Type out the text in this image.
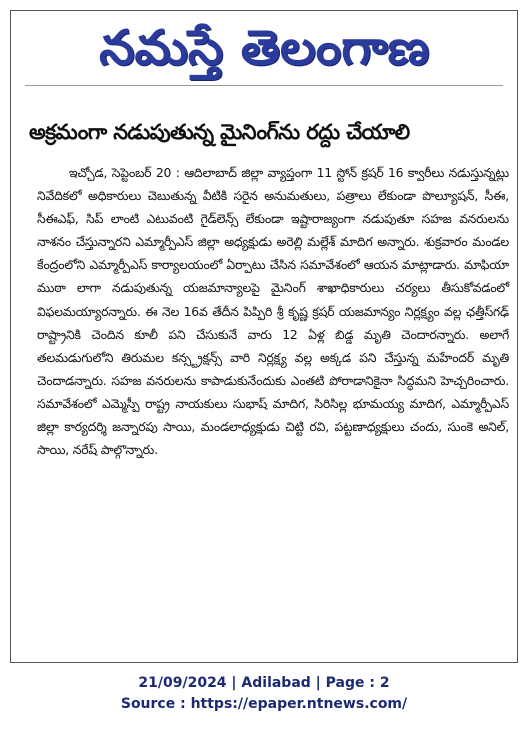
నమస్తే తెలంగాణ
అక్రమంగా నడుపుతున్న మైనింగ్‌ను రద్దు చేయాలి
ఇచ్చోడ, సెప్టెంబర్ 20 : ఆదిలాబాద్ జిల్లా వ్యాప్తంగా 11 స్టోన్ క్రషర్ 16 క్వారీలు నడుస్తున్నట్లు నివేదికలో అధికారులు చెబుతున్న వీటికి సరైన అనుమతులు, పత్రాలు లేకుండా పొల్యూషన్, సీఈ, సీఈఎఫ్, సిప్ లాంటి ఎటువంటి గైడ్‌లెన్స్ లేకుండా ఇష్టారాజ్యంగా నడుపుతూ సహజ వనరులను నాశనం చేస్తున్నారని ఎమ్మార్పీఎస్ జిల్లా అధ్యక్షుడు అరెల్లి మల్లేశ్ మాదిగ అన్నారు. శుక్రవారం మండల కేంద్రంలోని ఎమ్మార్పీఎస్ కార్యాలయంలో ఏర్పాటు చేసిన సమావేశంలో ఆయన మాట్లాడారు. మాఫియా ముఠా లాగా నడుపుతున్న యజమాన్యాలపై మైనింగ్ శాఖాధికారులు చర్యలు తీసుకోవడంలో విఫలమయ్యారన్నారు. ఈ నెల 16వ తేదీన పిప్పిరి శ్రీ కృష్ణ క్రషర్ యజమాన్యం నిర్లక్ష్యం వల్ల ఛత్తీస్‌గఢ్ రాష్ట్రానికి చెందిన కూలీ పని చేసుకునే వారు 12 ఏళ్ల బిడ్డ మృతి చెందారన్నారు. అలాగే తలమడుగులోని తిరుమల కన్స్ట్రక్షన్స్ వారి నిర్లక్ష్య వల్ల అక్కడ పని చేస్తున్న మహేందర్ మృతి చెందాడన్నారు. సహజ వనరులను కాపాడుకునేందుకు ఎంతటి పోరాడానికైనా సిద్ధమని హెచ్చరించారు. సమావేశంలో ఎమ్మెస్పీ రాష్ట్ర నాయకులు సుభాష్ మాదిగ, సిరిసిల్ల భూమయ్య మాదిగ, ఎమ్మార్పీఎస్ జిల్లా కార్యదర్శి జన్నారపు సాయి, మండలాధ్యక్షుడు చిట్టి రవి, పట్టణాధ్యక్షులు చందు, సుంకె అనిల్, సాయి, నరేష్ పాల్గొన్నారు.
21/09/2024 | Adilabad | Page : 2
Source : https://epaper.ntnews.com/
